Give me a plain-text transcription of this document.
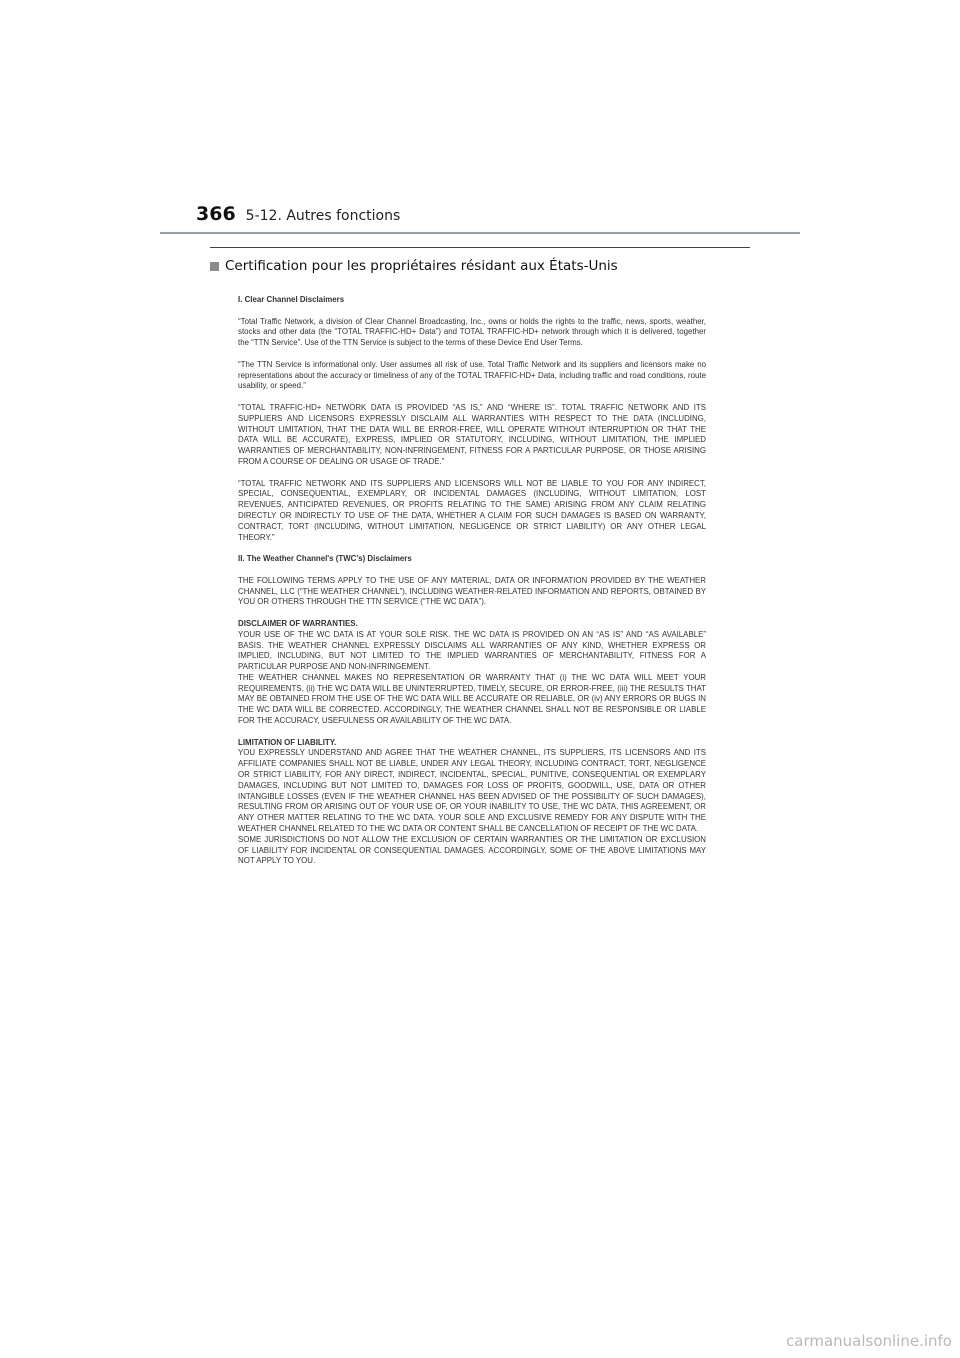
366 5-12. Autres fonctions
Certification pour les propriétaires résidant aux États-Unis

I. Clear Channel Disclaimers

“Total Traffic Network, a division of Clear Channel Broadcasting, Inc., owns or holds the rights to the traffic, news, sports, weather, stocks and other data (the “TOTAL TRAFFIC-HD+ Data”) and TOTAL TRAFFIC-HD+ network through which it is delivered, together the “TTN Service”. Use of the TTN Service is subject to the terms of these Device End User Terms.

“The TTN Service is informational only. User assumes all risk of use. Total Traffic Network and its suppliers and licensors make no representations about the accuracy or timeliness of any of the TOTAL TRAFFIC-HD+ Data, including traffic and road conditions, route usability, or speed.”

“TOTAL TRAFFIC-HD+ NETWORK DATA IS PROVIDED “AS IS,” AND “WHERE IS”. TOTAL TRAFFIC NETWORK AND ITS SUPPLIERS AND LICENSORS EXPRESSLY DISCLAIM ALL WARRANTIES WITH RESPECT TO THE DATA (INCLUDING, WITHOUT LIMITATION, THAT THE DATA WILL BE ERROR-FREE, WILL OPERATE WITHOUT INTERRUPTION OR THAT THE DATA WILL BE ACCURATE), EXPRESS, IMPLIED OR STATUTORY, INCLUDING, WITHOUT LIMITATION, THE IMPLIED WARRANTIES OF MERCHANTABILITY, NON-INFRINGEMENT, FITNESS FOR A PARTICULAR PURPOSE, OR THOSE ARISING FROM A COURSE OF DEALING OR USAGE OF TRADE.”

“TOTAL TRAFFIC NETWORK AND ITS SUPPLIERS AND LICENSORS WILL NOT BE LIABLE TO YOU FOR ANY INDIRECT, SPECIAL, CONSEQUENTIAL, EXEMPLARY, OR INCIDENTAL DAMAGES (INCLUDING, WITHOUT LIMITATION, LOST REVENUES, ANTICIPATED REVENUES, OR PROFITS RELATING TO THE SAME) ARISING FROM ANY CLAIM RELATING DIRECTLY OR INDIRECTLY TO USE OF THE DATA, WHETHER A CLAIM FOR SUCH DAMAGES IS BASED ON WARRANTY, CONTRACT, TORT (INCLUDING, WITHOUT LIMITATION, NEGLIGENCE OR STRICT LIABILITY) OR ANY OTHER LEGAL THEORY.”

II. The Weather Channel's (TWC's) Disclaimers

THE FOLLOWING TERMS APPLY TO THE USE OF ANY MATERIAL, DATA OR INFORMATION PROVIDED BY THE WEATHER CHANNEL, LLC (“THE WEATHER CHANNEL”), INCLUDING WEATHER-RELATED INFORMATION AND REPORTS, OBTAINED BY YOU OR OTHERS THROUGH THE TTN SERVICE (“THE WC DATA”).

DISCLAIMER OF WARRANTIES.

YOUR USE OF THE WC DATA IS AT YOUR SOLE RISK. THE WC DATA IS PROVIDED ON AN “AS IS” AND “AS AVAILABLE” BASIS. THE WEATHER CHANNEL EXPRESSLY DISCLAIMS ALL WARRANTIES OF ANY KIND, WHETHER EXPRESS OR IMPLIED, INCLUDING, BUT NOT LIMITED TO THE IMPLIED WARRANTIES OF MERCHANTABILITY, FITNESS FOR A PARTICULAR PURPOSE AND NON-INFRINGEMENT.

THE WEATHER CHANNEL MAKES NO REPRESENTATION OR WARRANTY THAT (i) THE WC DATA WILL MEET YOUR REQUIREMENTS, (ii) THE WC DATA WILL BE UNINTERRUPTED, TIMELY, SECURE, OR ERROR-FREE, (iii) THE RESULTS THAT MAY BE OBTAINED FROM THE USE OF THE WC DATA WILL BE ACCURATE OR RELIABLE, OR (iv) ANY ERRORS OR BUGS IN THE WC DATA WILL BE CORRECTED. ACCORDINGLY, THE WEATHER CHANNEL SHALL NOT BE RESPONSIBLE OR LIABLE FOR THE ACCURACY, USEFULNESS OR AVAILABILITY OF THE WC DATA.

LIMITATION OF LIABILITY.

YOU EXPRESSLY UNDERSTAND AND AGREE THAT THE WEATHER CHANNEL, ITS SUPPLIERS, ITS LICENSORS AND ITS AFFILIATE COMPANIES SHALL NOT BE LIABLE, UNDER ANY LEGAL THEORY, INCLUDING CONTRACT, TORT, NEGLIGENCE OR STRICT LIABILITY, FOR ANY DIRECT, INDIRECT, INCIDENTAL, SPECIAL, PUNITIVE, CONSEQUENTIAL OR EXEMPLARY DAMAGES, INCLUDING BUT NOT LIMITED TO, DAMAGES FOR LOSS OF PROFITS, GOODWILL, USE, DATA OR OTHER INTANGIBLE LOSSES (EVEN IF THE WEATHER CHANNEL HAS BEEN ADVISED OF THE POSSIBILITY OF SUCH DAMAGES), RESULTING FROM OR ARISING OUT OF YOUR USE OF, OR YOUR INABILITY TO USE, THE WC DATA, THIS AGREEMENT, OR ANY OTHER MATTER RELATING TO THE WC DATA. YOUR SOLE AND EXCLUSIVE REMEDY FOR ANY DISPUTE WITH THE WEATHER CHANNEL RELATED TO THE WC DATA OR CONTENT SHALL BE CANCELLATION OF RECEIPT OF THE WC DATA.

SOME JURISDICTIONS DO NOT ALLOW THE EXCLUSION OF CERTAIN WARRANTIES OR THE LIMITATION OR EXCLUSION OF LIABILITY FOR INCIDENTAL OR CONSEQUENTIAL DAMAGES. ACCORDINGLY, SOME OF THE ABOVE LIMITATIONS MAY NOT APPLY TO YOU.

carmanualsonline.info
